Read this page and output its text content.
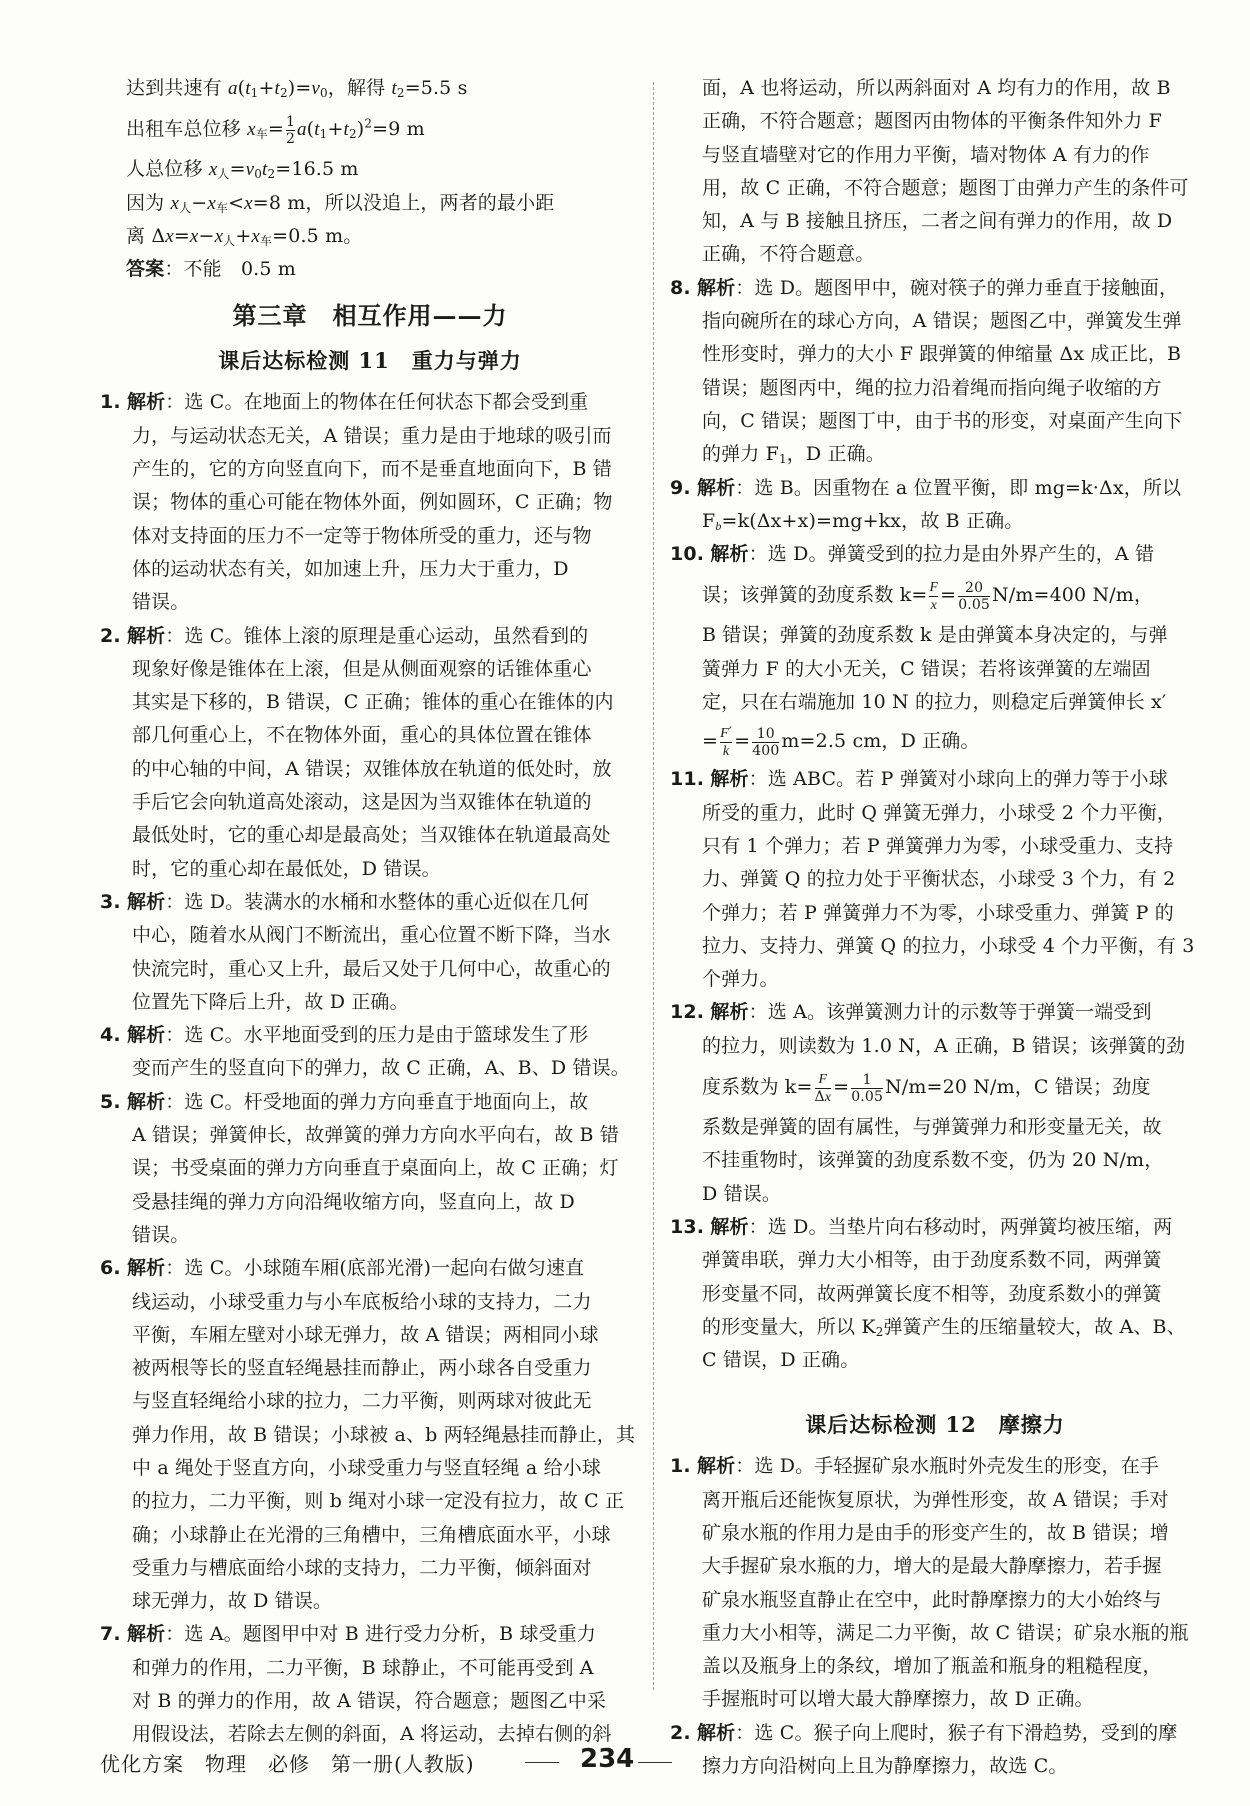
达到共速有 $a(t_1+t_2)=v_0$，解得 $t_2=5.5$ s
出租车总位移 $x_车= \frac{1}{2} a(t_1+t_2)^2=9$ m
人总位移 $x_人=v_0t_2=16.5$ m
因为 $x_人-x_车<x=8$ m，所以没追上，两者的最小距
离 $\Delta x=x-x_人+x_车=0.5$ m。
答案：不能　 0.5 m
第三章　相互作用——力
课后达标检测 11　重力与弹力
1. 解析：选 C。在地面上的物体在任何状态下都会受到重
力，与运动状态无关，A 错误；重力是由于地球的吸引而
产生的，它的方向竖直向下，而不是垂直地面向下，B 错
误；物体的重心可能在物体外面，例如圆环，C 正确；物
体对支持面的压力不一定等于物体所受的重力，还与物
体的运动状态有关，如加速上升，压力大于重力，D
错误。
2. 解析：选 C。锥体上滚的原理是重心运动，虽然看到的
现象好像是锥体在上滚，但是从侧面观察的话锥体重心
其实是下移的，B 错误，C 正确；锥体的重心在锥体的内
部几何重心上，不在物体外面，重心的具体位置在锥体
的中心轴的中间，A 错误；双锥体放在轨道的低处时，放
手后它会向轨道高处滚动，这是因为当双锥体在轨道的
最低处时，它的重心却是最高处；当双锥体在轨道最高处
时，它的重心却在最低处，D 错误。
3. 解析：选 D。装满水的水桶和水整体的重心近似在几何
中心，随着水从阀门不断流出，重心位置不断下降，当水
快流完时，重心又上升，最后又处于几何中心，故重心的
位置先下降后上升，故 D 正确。
4. 解析：选 C。水平地面受到的压力是由于篮球发生了形
变而产生的竖直向下的弹力，故 C 正确，A、B、D 错误。
5. 解析：选 C。杆受地面的弹力方向垂直于地面向上，故
A 错误；弹簧伸长，故弹簧的弹力方向水平向右，故 B 错
误；书受桌面的弹力方向垂直于桌面向上，故 C 正确；灯
受悬挂绳的弹力方向沿绳收缩方向，竖直向上，故 D
错误。
6. 解析：选 C。小球随车厢(底部光滑)一起向右做匀速直
线运动，小球受重力与小车底板给小球的支持力，二力
平衡，车厢左壁对小球无弹力，故 A 错误；两相同小球
被两根等长的竖直轻绳悬挂而静止，两小球各自受重力
与竖直轻绳给小球的拉力，二力平衡，则两球对彼此无
弹力作用，故 B 错误；小球被 a、b 两轻绳悬挂而静止，其
中 a 绳处于竖直方向，小球受重力与竖直轻绳 a 给小球
的拉力，二力平衡，则 b 绳对小球一定没有拉力，故 C 正
确；小球静止在光滑的三角槽中，三角槽底面水平，小球
受重力与槽底面给小球的支持力，二力平衡，倾斜面对
球无弹力，故 D 错误。
7. 解析：选 A。题图甲中对 B 进行受力分析，B 球受重力
和弹力的作用，二力平衡，B 球静止，不可能再受到 A
对 B 的弹力的作用，故 A 错误，符合题意；题图乙中采
用假设法，若除去左侧的斜面，A 将运动，去掉右侧的斜
面，A 也将运动，所以两斜面对 A 均有力的作用，故 B
正确，不符合题意；题图丙由物体的平衡条件知外力 F
与竖直墙壁对它的作用力平衡，墙对物体 A 有力的作
用，故 C 正确，不符合题意；题图丁由弹力产生的条件可
知，A 与 B 接触且挤压，二者之间有弹力的作用，故 D
正确，不符合题意。
8. 解析：选 D。题图甲中，碗对筷子的弹力垂直于接触面，
指向碗所在的球心方向，A 错误；题图乙中，弹簧发生弹
性形变时，弹力的大小 F 跟弹簧的伸缩量 Δx 成正比，B
错误；题图丙中，绳的拉力沿着绳而指向绳子收缩的方
向，C 错误；题图丁中，由于书的形变，对桌面产生向下
的弹力 $F_1$，D 正确。
9. 解析：选 B。因重物在 a 位置平衡，即 mg=k·Δx，所以
$F_b=k(\Delta x+x)=mg+kx$，故 B 正确。
10. 解析：选 D。弹簧受到的拉力是由外界产生的，A 错
误；该弹簧的劲度系数 $k= \frac{F}{x} = \frac{20}{0.05} N/m=400$ N/m，
B 错误；弹簧的劲度系数 k 是由弹簧本身决定的，与弹
簧弹力 F 的大小无关，C 错误；若将该弹簧的左端固
定，只在右端施加 10 N 的拉力，则稳定后弹簧伸长 x′
= $\frac{F'}{k} = \frac{10}{400} m=2.5$ cm，D 正确。
11. 解析：选 ABC。若 P 弹簧对小球向上的弹力等于小球
所受的重力，此时 Q 弹簧无弹力，小球受 2 个力平衡，
只有 1 个弹力；若 P 弹簧弹力为零，小球受重力、支持
力、弹簧 Q 的拉力处于平衡状态，小球受 3 个力，有 2
个弹力；若 P 弹簧弹力不为零，小球受重力、弹簧 P 的
拉力、支持力、弹簧 Q 的拉力，小球受 4 个力平衡，有 3
个弹力。
12. 解析：选 A。该弹簧测力计的示数等于弹簧一端受到
的拉力，则读数为 1.0 N，A 正确，B 错误；该弹簧的劲
度系数为 $k= \frac{F}{\Delta x} = \frac{1}{0.05} N/m=20$ N/m，C 错误；劲度
系数是弹簧的固有属性，与弹簧弹力和形变量无关，故
不挂重物时，该弹簧的劲度系数不变，仍为 20 N/m，
D 错误。
13. 解析：选 D。当垫片向右移动时，两弹簧均被压缩，两
弹簧串联，弹力大小相等，由于劲度系数不同，两弹簧
形变量不同，故两弹簧长度不相等，劲度系数小的弹簧
的形变量大，所以 $K_2$弹簧产生的压缩量较大，故 A、B、
C 错误，D 正确。
课后达标检测 12　摩擦力
1. 解析：选 D。手轻握矿泉水瓶时外壳发生的形变，在手
离开瓶后还能恢复原状，为弹性形变，故 A 错误；手对
矿泉水瓶的作用力是由手的形变产生的，故 B 错误；增
大手握矿泉水瓶的力，增大的是最大静摩擦力，若手握
矿泉水瓶竖直静止在空中，此时静摩擦力的大小始终与
重力大小相等，满足二力平衡，故 C 错误；矿泉水瓶的瓶
盖以及瓶身上的条纹，增加了瓶盖和瓶身的粗糙程度，
手握瓶时可以增大最大静摩擦力，故 D 正确。
2. 解析：选 C。猴子向上爬时，猴子有下滑趋势，受到的摩
擦力方向沿树向上且为静摩擦力，故选 C。
优化方案　物理　必修　第一册(人教版)	234
